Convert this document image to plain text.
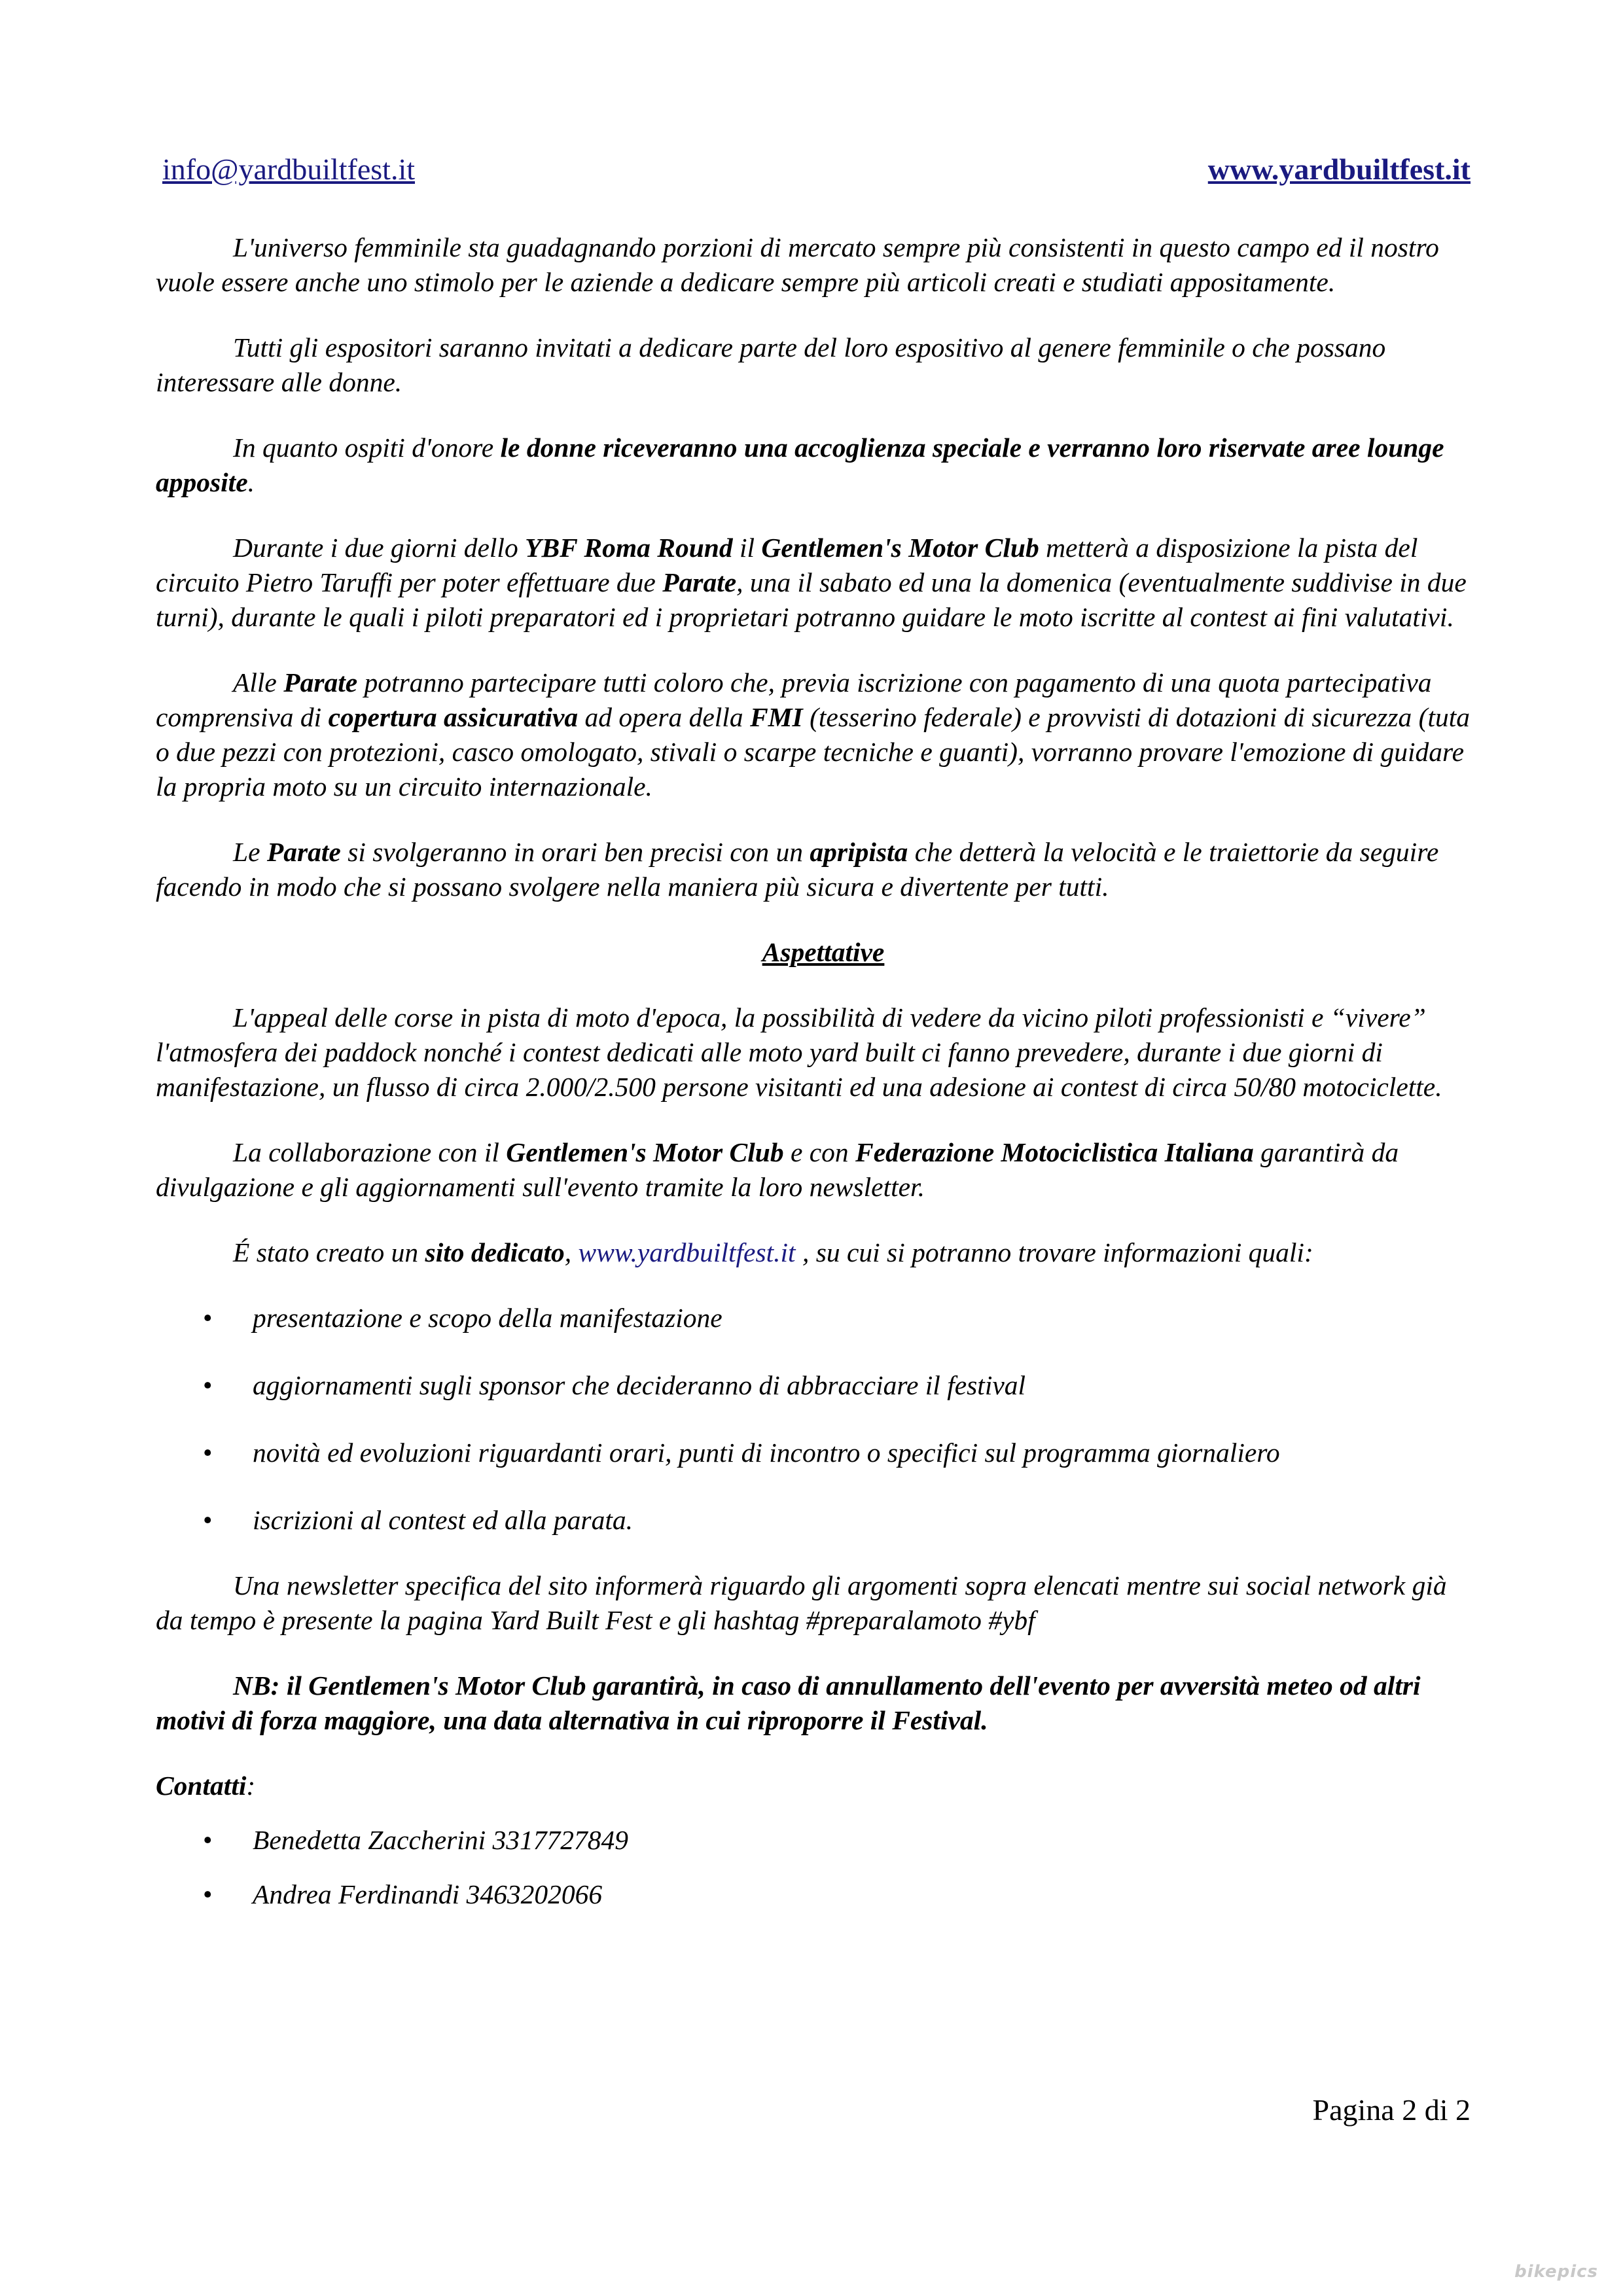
info@yardbuiltfest.it	www.yardbuiltfest.it

L'universo femminile sta guadagnando porzioni di mercato sempre più consistenti in questo campo ed il nostro vuole essere anche uno stimolo per le aziende a dedicare sempre più articoli creati e studiati appositamente.

Tutti gli espositori saranno invitati a dedicare parte del loro espositivo al genere femminile o che possano interessare alle donne.

In quanto ospiti d'onore le donne riceveranno una accoglienza speciale e verranno loro riservate aree lounge apposite.

Durante i due giorni dello YBF Roma Round il Gentlemen's Motor Club metterà a disposizione la pista del circuito Pietro Taruffi per poter effettuare due Parate, una il sabato ed una la domenica (eventualmente suddivise in due turni), durante le quali i piloti preparatori ed i proprietari potranno guidare le moto iscritte al contest ai fini valutativi.

Alle Parate potranno partecipare tutti coloro che, previa iscrizione con pagamento di una quota partecipativa comprensiva di copertura assicurativa ad opera della FMI (tesserino federale) e provvisti di dotazioni di sicurezza (tuta o due pezzi con protezioni, casco omologato, stivali o scarpe tecniche e guanti), vorranno provare l'emozione di guidare la propria moto su un circuito internazionale.

Le Parate si svolgeranno in orari ben precisi con un apripista che detterà la velocità e le traiettorie da seguire facendo in modo che si possano svolgere nella maniera più sicura e divertente per tutti.

Aspettative

L'appeal delle corse in pista di moto d'epoca, la possibilità di vedere da vicino piloti professionisti e “vivere” l'atmosfera dei paddock nonché i contest dedicati alle moto yard built ci fanno prevedere, durante i due giorni di manifestazione, un flusso di circa 2.000/2.500 persone visitanti ed una adesione ai contest di circa 50/80 motociclette.

La collaborazione con il Gentlemen's Motor Club e con Federazione Motociclistica Italiana garantirà da divulgazione e gli aggiornamenti sull'evento tramite la loro newsletter.

É stato creato un sito dedicato, www.yardbuiltfest.it , su cui si potranno trovare informazioni quali:

• presentazione e scopo della manifestazione
• aggiornamenti sugli sponsor che decideranno di abbracciare il festival
• novità ed evoluzioni riguardanti orari, punti di incontro o specifici sul programma giornaliero
• iscrizioni al contest ed alla parata.

Una newsletter specifica del sito informerà riguardo gli argomenti sopra elencati mentre sui social network già da tempo è presente la pagina Yard Built Fest e gli hashtag #preparalamoto #ybf

NB: il Gentlemen's Motor Club garantirà, in caso di annullamento dell'evento per avversità meteo od altri motivi di forza maggiore, una data alternativa in cui riproporre il Festival.

Contatti:

• Benedetta Zaccherini 3317727849
• Andrea Ferdinandi 3463202066
Pagina 2 di 2
bikepics
